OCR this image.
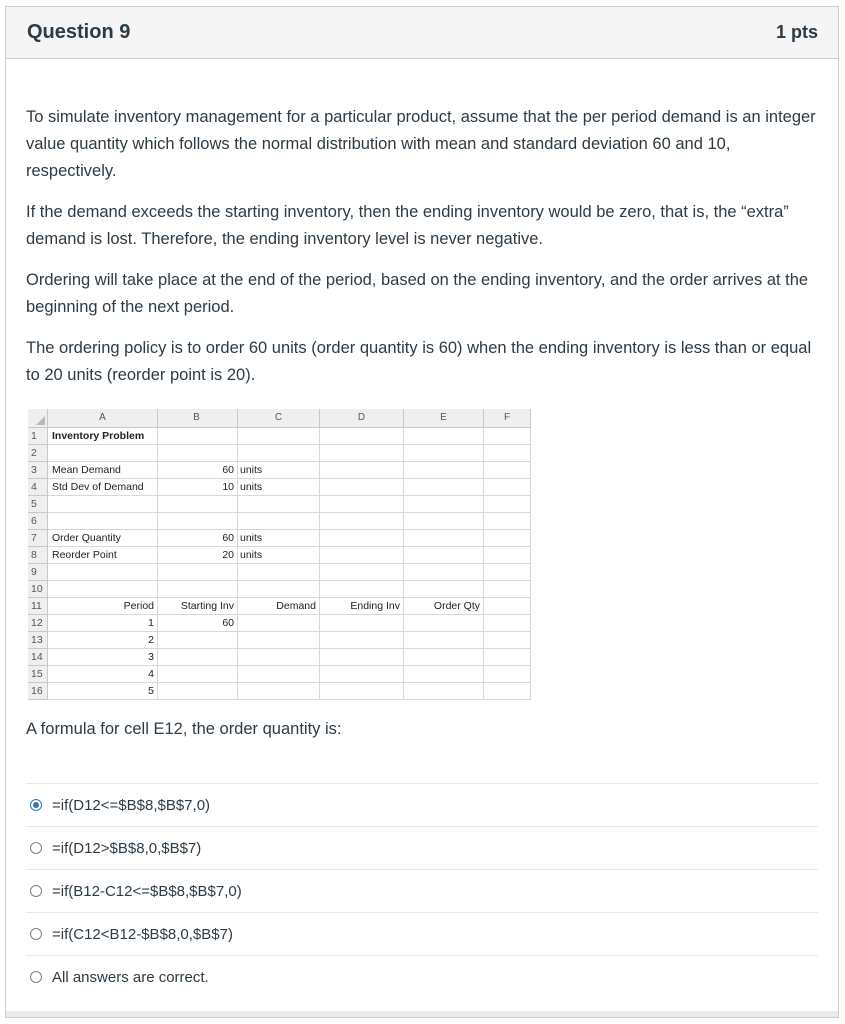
Question 9	1 pts

To simulate inventory management for a particular product, assume that the per period demand is an integer value quantity which follows the normal distribution with mean and standard deviation 60 and 10, respectively.

If the demand exceeds the starting inventory, then the ending inventory would be zero, that is, the “extra” demand is lost. Therefore, the ending inventory level is never negative.

Ordering will take place at the end of the period, based on the ending inventory, and the order arrives at the beginning of the next period.

The ordering policy is to order 60 units (order quantity is 60) when the ending inventory is less than or equal to 20 units (reorder point is 20).

A	B	C	D	E	F
1	Inventory Problem
2
3	Mean Demand	60 units
4	Std Dev of Demand	10 units
5
6
7	Order Quantity	60 units
8	Reorder Point	20 units
9
10
11	Period	Starting Inv	Demand	Ending Inv	Order Qty
12	1	60
13	2
14	3
15	4
16	5
A formula for cell E12, the order quantity is:
=if(D12<=$B$8,$B$7,0)
=if(D12>$B$8,0,$B$7)
=if(B12-C12<=$B$8,$B$7,0)
=if(C12<B12-$B$8,0,$B$7)
All answers are correct.
